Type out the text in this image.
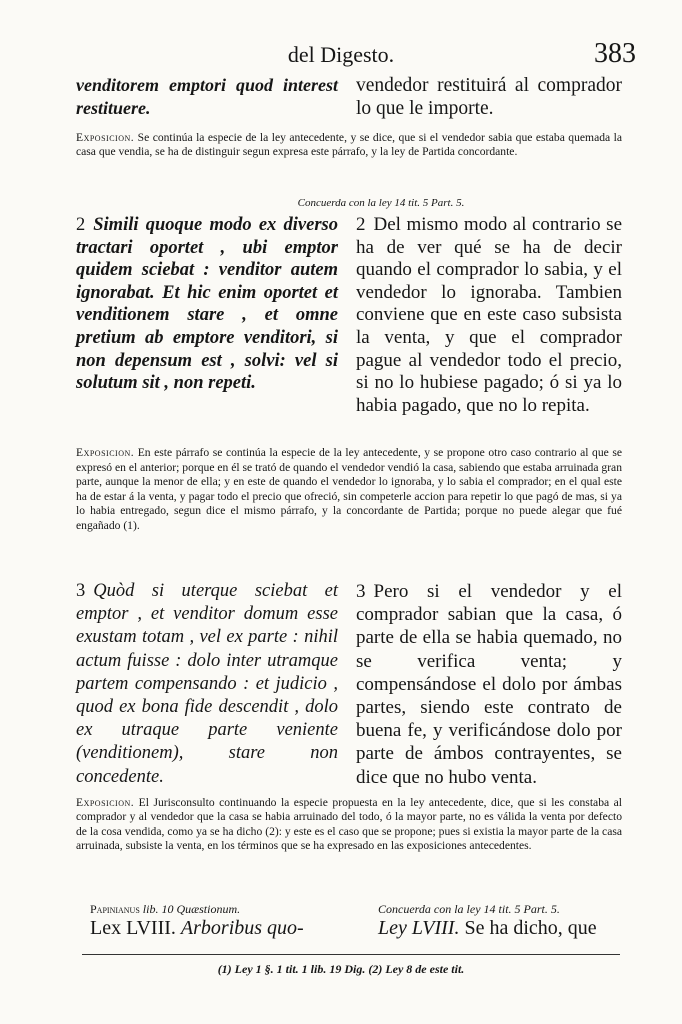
del Digesto.	383
venditorem emptori quod interest restituere.
vendedor restituirá al comprador lo que le importe.
Exposicion. Se continúa la especie de la ley antecedente, y se dice, que si el vendedor sabia que estaba quemada la casa que vendia, se ha de distinguir segun expresa este párrafo, y la ley de Partida concordante.
Concuerda con la ley 14 tit. 5 Part. 5.
2 Simili quoque modo ex diverso tractari oportet , ubi emptor quidem sciebat : venditor autem ignorabat. Et hic enim oportet et venditionem stare , et omne pretium ab emptore venditori, si non depensum est , solvi: vel si solutum sit , non repeti.
2 Del mismo modo al contrario se ha de ver qué se ha de decir quando el comprador lo sabia, y el vendedor lo ignoraba. Tambien conviene que en este caso subsista la venta, y que el comprador pague al vendedor todo el precio, si no lo hubiese pagado; ó si ya lo habia pagado, que no lo repita.
Exposicion. En este párrafo se continúa la especie de la ley antecedente, y se propone otro caso contrario al que se expresó en el anterior; porque en él se trató de quando el vendedor vendió la casa, sabiendo que estaba arruinada gran parte, aunque la menor de ella; y en este de quando el vendedor lo ignoraba, y lo sabia el comprador; en el qual este ha de estar á la venta, y pagar todo el precio que ofreció, sin competerle accion para repetir lo que pagó de mas, si ya lo habia entregado, segun dice el mismo párrafo, y la concordante de Partida; porque no puede alegar que fué engañado (1).
3 Quòd si uterque sciebat et emptor , et venditor domum esse exustam totam , vel ex parte : nihil actum fuisse : dolo inter utramque partem compensando : et judicio , quod ex bona fide descendit , dolo ex utraque parte veniente (venditionem), stare non concedente.
3 Pero si el vendedor y el comprador sabian que la casa, ó parte de ella se habia quemado, no se verifica venta; y compensándose el dolo por ámbas partes, siendo este contrato de buena fe, y verificándose dolo por parte de ámbos contrayentes, se dice que no hubo venta.
Exposicion. El Jurisconsulto continuando la especie propuesta en la ley antecedente, dice, que si les constaba al comprador y al vendedor que la casa se habia arruinado del todo, ó la mayor parte, no es válida la venta por defecto de la cosa vendida, como ya se ha dicho (2): y este es el caso que se propone; pues si existia la mayor parte de la casa arruinada, subsiste la venta, en los términos que se ha expresado en las exposiciones antecedentes.
Papinianus lib. 10 Quæstionum.
Lex LVIII. Arboribus quo-
Concuerda con la ley 14 tit. 5 Part. 5.
Ley LVIII. Se ha dicho, que
(1) Ley 1 §. 1 tit. 1 lib. 19 Dig. (2) Ley 8 de este tit.
